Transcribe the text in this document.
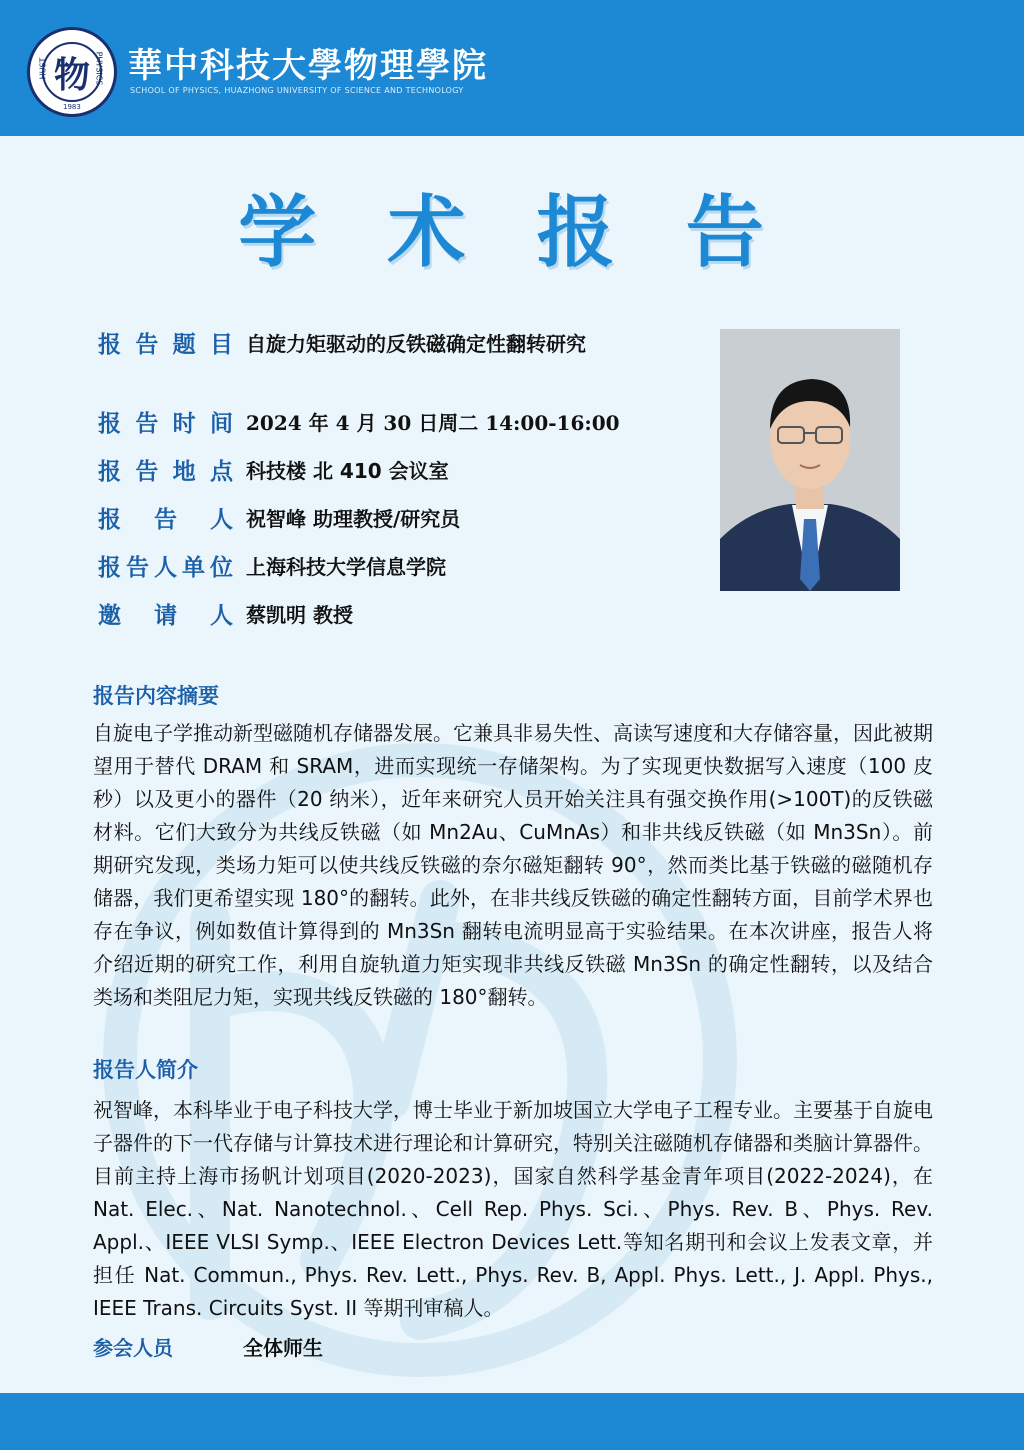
HUST	PHYSICS
物
1983
華中科技大學物理學院
SCHOOL OF PHYSICS, HUAZHONG UNIVERSITY OF SCIENCE AND TECHNOLOGY
学 术 报 告
报告题目 自旋力矩驱动的反铁磁确定性翻转研究
报告时间 2024 年 4 月 30 日周二 14:00-16:00
报告地点 科技楼 北 410 会议室
报 告 人 祝智峰 助理教授/研究员
报告人单位 上海科技大学信息学院
邀 请 人 蔡凯明 教授
报告内容摘要
自旋电子学推动新型磁随机存储器发展。它兼具非易失性、高读写速度和大存储容量，因此被期望用于替代 DRAM 和 SRAM，进而实现统一存储架构。为了实现更快数据写入速度（100 皮秒）以及更小的器件（20 纳米），近年来研究人员开始关注具有强交换作用(>100T)的反铁磁材料。它们大致分为共线反铁磁（如 Mn2Au、CuMnAs）和非共线反铁磁（如 Mn3Sn）。前期研究发现，类场力矩可以使共线反铁磁的奈尔磁矩翻转 90°，然而类比基于铁磁的磁随机存储器，我们更希望实现 180°的翻转。此外，在非共线反铁磁的确定性翻转方面，目前学术界也存在争议，例如数值计算得到的 Mn3Sn 翻转电流明显高于实验结果。在本次讲座，报告人将介绍近期的研究工作，利用自旋轨道力矩实现非共线反铁磁 Mn3Sn 的确定性翻转，以及结合类场和类阻尼力矩，实现共线反铁磁的 180°翻转。
报告人简介
祝智峰，本科毕业于电子科技大学，博士毕业于新加坡国立大学电子工程专业。主要基于自旋电子器件的下一代存储与计算技术进行理论和计算研究，特别关注磁随机存储器和类脑计算器件。目前主持上海市扬帆计划项目(2020-2023)，国家自然科学基金青年项目(2022-2024)，在 Nat. Elec.、Nat. Nanotechnol.、Cell Rep. Phys. Sci.、Phys. Rev. B、Phys. Rev. Appl.、IEEE VLSI Symp.、IEEE Electron Devices Lett.等知名期刊和会议上发表文章，并担任 Nat. Commun., Phys. Rev. Lett., Phys. Rev. B, Appl. Phys. Lett., J. Appl. Phys., IEEE Trans. Circuits Syst. II 等期刊审稿人。
参会人员	全体师生
